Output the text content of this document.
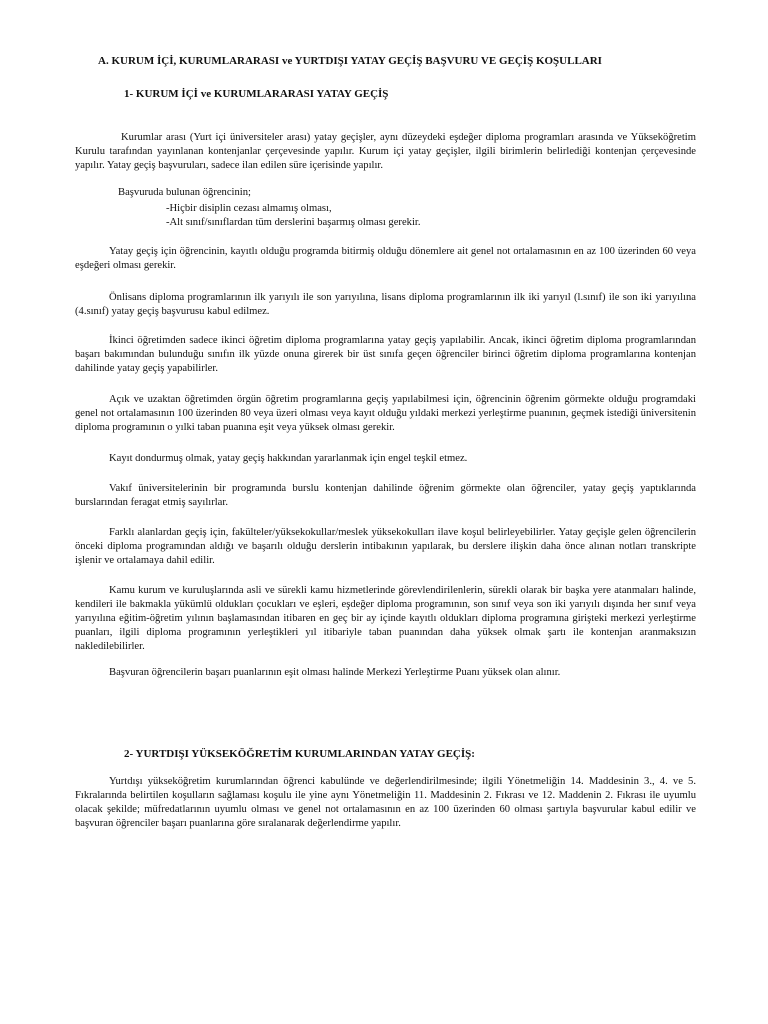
A. KURUM İÇİ, KURUMLARARASI ve YURTDIŞI YATAY GEÇİŞ BAŞVURU VE GEÇİŞ KOŞULLARI
1- KURUM İÇİ ve KURUMLARARASI YATAY GEÇİŞ

Kurumlar arası (Yurt içi üniversiteler arası) yatay geçişler, aynı düzeydeki eşdeğer diploma programları arasında ve Yükseköğretim Kurulu tarafından yayınlanan kontenjanlar çerçevesinde yapılır. Kurum içi yatay geçişler, ilgili birimlerin belirlediği kontenjan çerçevesinde yapılır. Yatay geçiş başvuruları, sadece ilan edilen süre içerisinde yapılır.

Başvuruda bulunan öğrencinin;
-Hiçbir disiplin cezası almamış olması,
-Alt sınıf/sınıflardan tüm derslerini başarmış olması gerekir.

Yatay geçiş için öğrencinin, kayıtlı olduğu programda bitirmiş olduğu dönemlere ait genel not ortalamasının en az 100 üzerinden 60 veya eşdeğeri olması gerekir.

Önlisans diploma programlarının ilk yarıyılı ile son yarıyılına, lisans diploma programlarının ilk iki yarıyıl (l.sınıf) ile son iki yarıyılına (4.sınıf) yatay geçiş başvurusu kabul edilmez.

İkinci öğretimden sadece ikinci öğretim diploma programlarına yatay geçiş yapılabilir. Ancak, ikinci öğretim diploma programlarından başarı bakımından bulunduğu sınıfın ilk yüzde onuna girerek bir üst sınıfa geçen öğrenciler birinci öğretim diploma programlarına kontenjan dahilinde yatay geçiş yapabilirler.

Açık ve uzaktan öğretimden örgün öğretim programlarına geçiş yapılabilmesi için, öğrencinin öğrenim görmekte olduğu programdaki genel not ortalamasının 100 üzerinden 80 veya üzeri olması veya kayıt olduğu yıldaki merkezi yerleştirme puanının, geçmek istediği üniversitenin diploma programının o yılki taban puanına eşit veya yüksek olması gerekir.

Kayıt dondurmuş olmak, yatay geçiş hakkından yararlanmak için engel teşkil etmez.

Vakıf üniversitelerinin bir programında burslu kontenjan dahilinde öğrenim görmekte olan öğrenciler, yatay geçiş yaptıklarında burslarından feragat etmiş sayılırlar.

Farklı alanlardan geçiş için, fakülteler/yüksekokullar/meslek yüksekokulları ilave koşul belirleyebilirler. Yatay geçişle gelen öğrencilerin önceki diploma programından aldığı ve başarılı olduğu derslerin intibakının yapılarak, bu derslere ilişkin daha önce alınan notları transkripte işlenir ve ortalamaya dahil edilir.

Kamu kurum ve kuruluşlarında asli ve sürekli kamu hizmetlerinde görevlendirilenlerin, sürekli olarak bir başka yere atanmaları halinde, kendileri ile bakmakla yükümlü oldukları çocukları ve eşleri, eşdeğer diploma programının, son sınıf veya son iki yarıyılı dışında her sınıf veya yarıyılına eğitim-öğretim yılının başlamasından itibaren en geç bir ay içinde kayıtlı oldukları diploma programına girişteki merkezi yerleştirme puanları, ilgili diploma programının yerleştikleri yıl itibariyle taban puanından daha yüksek olmak şartı ile kontenjan aranmaksızın nakledilebilirler.

Başvuran öğrencilerin başarı puanlarının eşit olması halinde Merkezi Yerleştirme Puanı yüksek olan alınır.

2- YURTDIŞI YÜKSEKÖĞRETİM KURUMLARINDAN YATAY GEÇİŞ:

Yurtdışı yükseköğretim kurumlarından öğrenci kabulünde ve değerlendirilmesinde; ilgili Yönetmeliğin 14. Maddesinin 3., 4. ve 5. Fıkralarında belirtilen koşulların sağlaması koşulu ile yine aynı Yönetmeliğin 11. Maddesinin 2. Fıkrası ve 12. Maddenin 2. Fıkrası ile uyumlu olacak şekilde; müfredatlarının uyumlu olması ve genel not ortalamasının en az 100 üzerinden 60 olması şartıyla başvurular kabul edilir ve başvuran öğrenciler başarı puanlarına göre sıralanarak değerlendirme yapılır.
